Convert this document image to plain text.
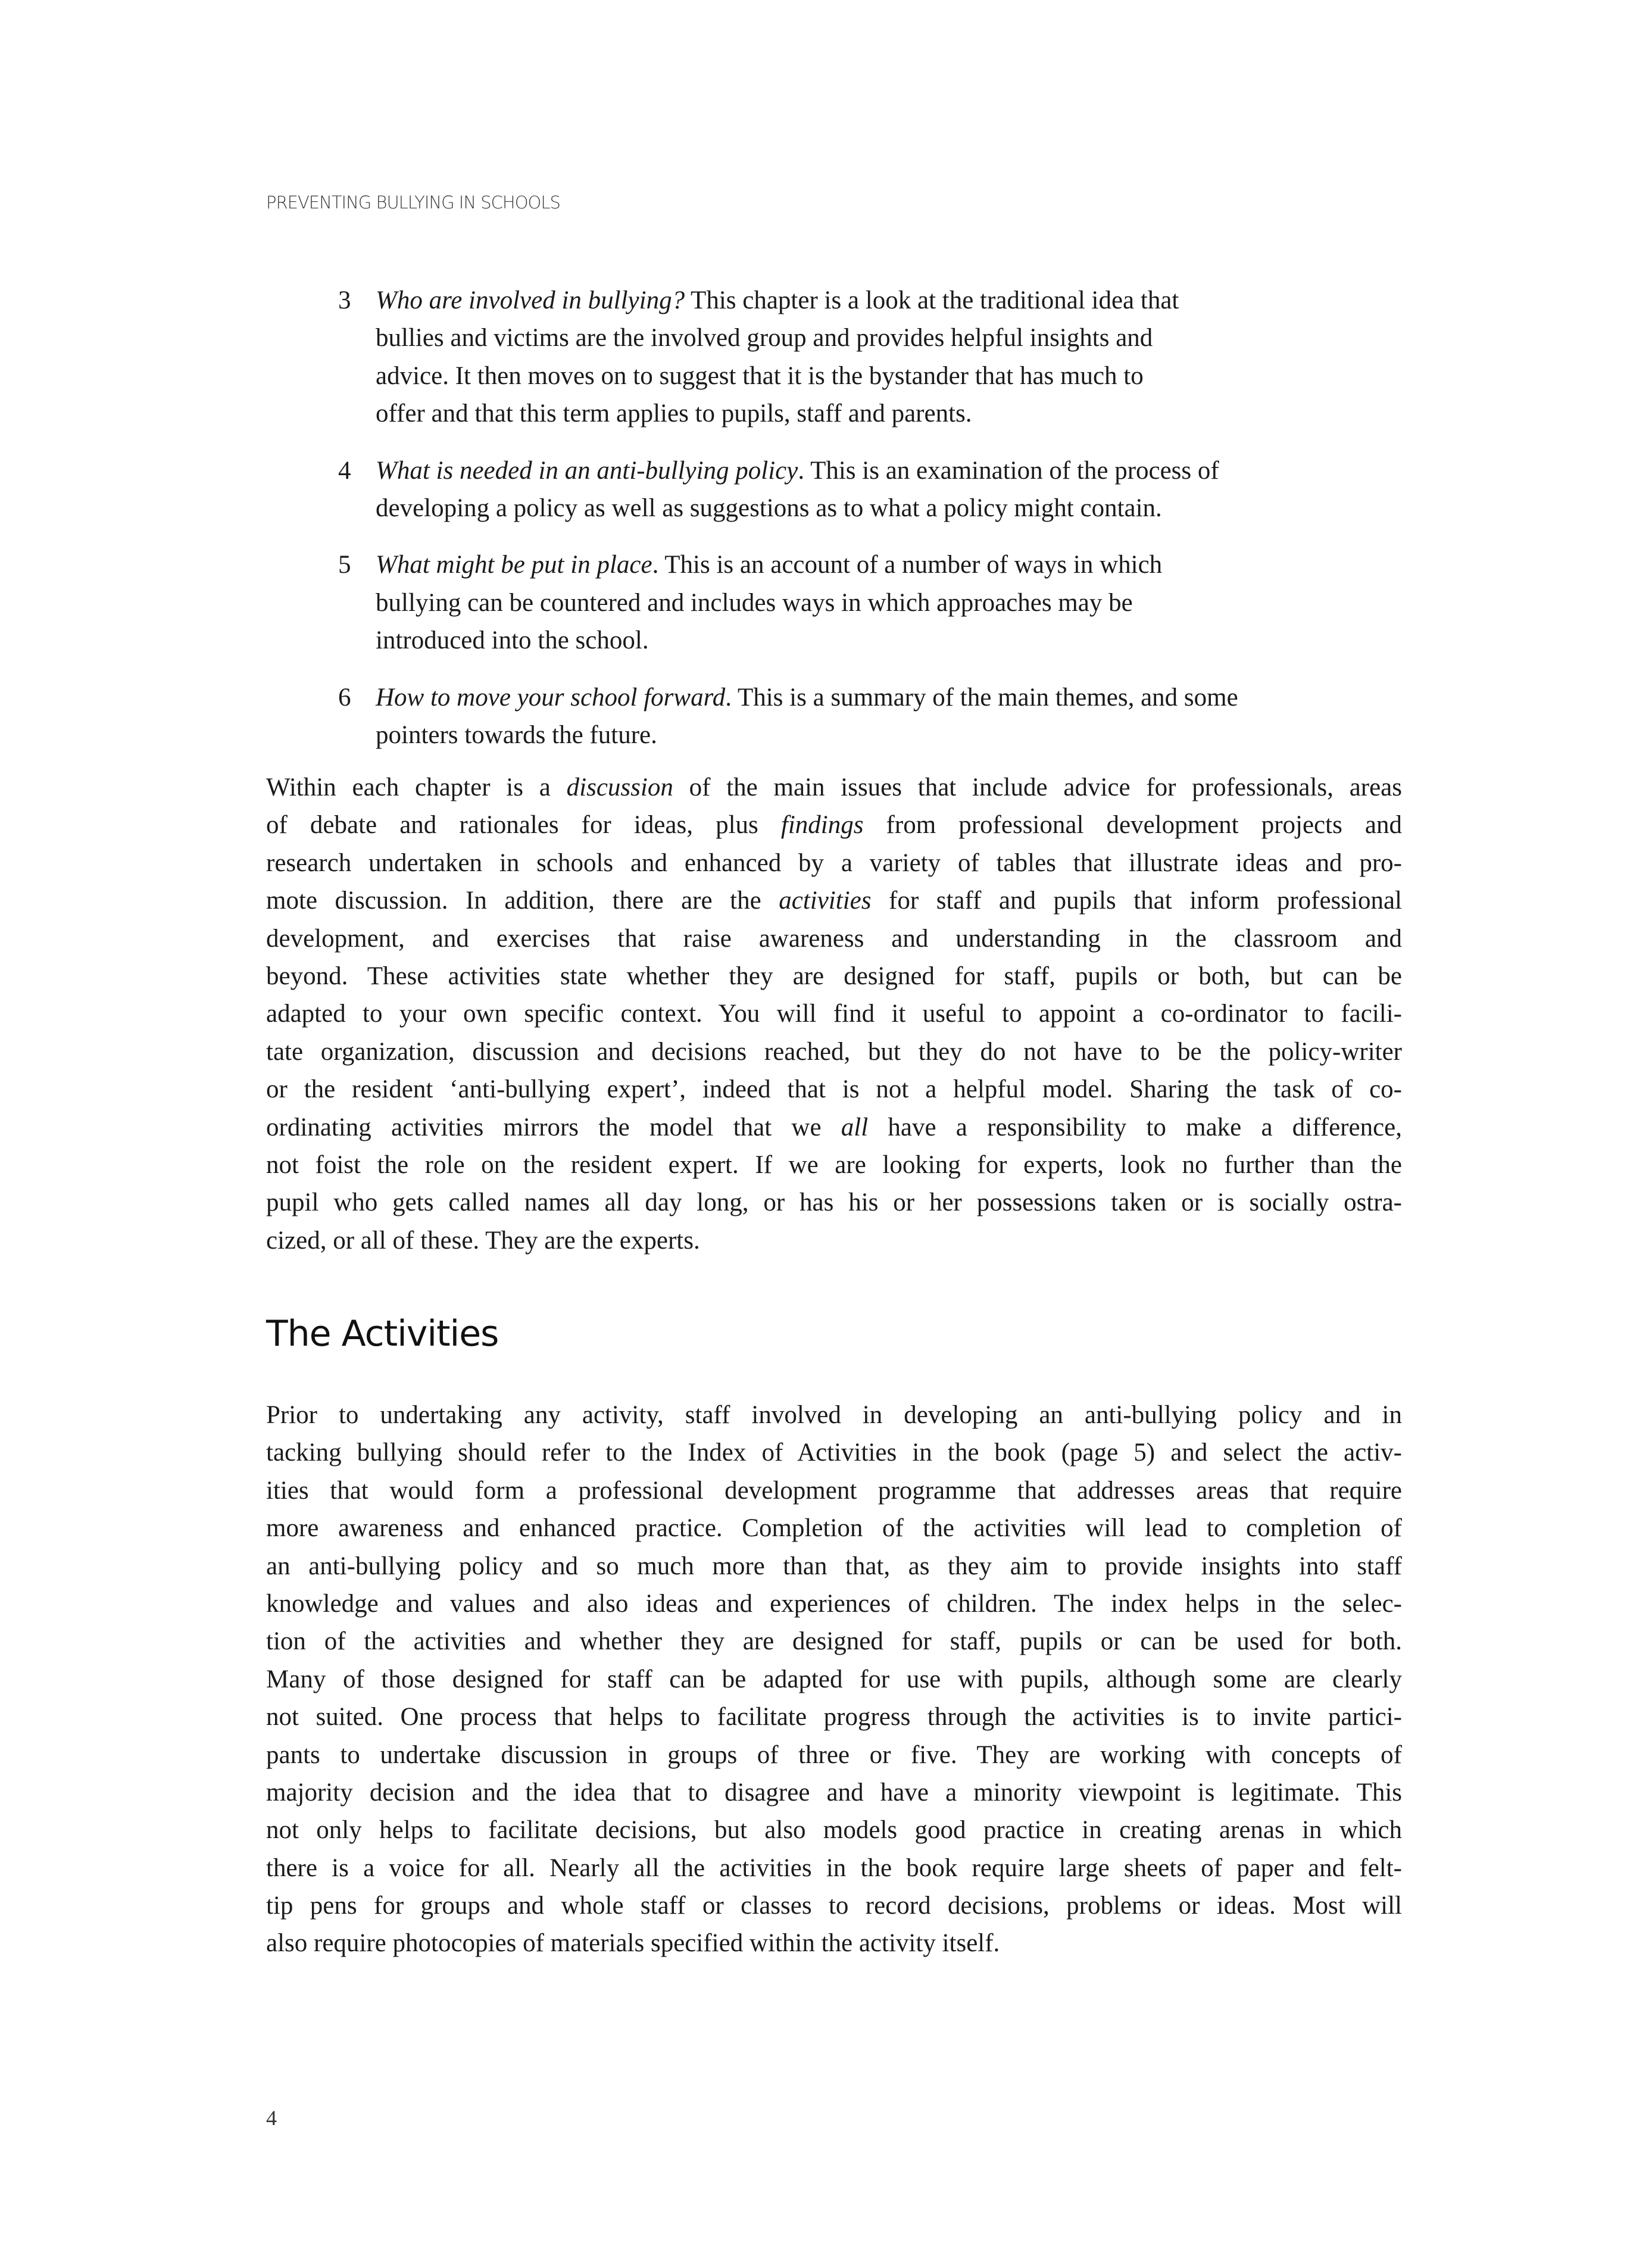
PREVENTING BULLYING IN SCHOOLS
3 Who are involved in bullying? This chapter is a look at the traditional idea that
bullies and victims are the involved group and provides helpful insights and
advice. It then moves on to suggest that it is the bystander that has much to
offer and that this term applies to pupils, staff and parents.
4 What is needed in an anti-bullying policy. This is an examination of the process of
developing a policy as well as suggestions as to what a policy might contain.
5 What might be put in place. This is an account of a number of ways in which
bullying can be countered and includes ways in which approaches may be
introduced into the school.
6 How to move your school forward. This is a summary of the main themes, and some
pointers towards the future.
Within each chapter is a discussion of the main issues that include advice for professionals, areas
of debate and rationales for ideas, plus findings from professional development projects and
research undertaken in schools and enhanced by a variety of tables that illustrate ideas and pro-
mote discussion. In addition, there are the activities for staff and pupils that inform professional
development, and exercises that raise awareness and understanding in the classroom and
beyond. These activities state whether they are designed for staff, pupils or both, but can be
adapted to your own specific context. You will find it useful to appoint a co-ordinator to facili-
tate organization, discussion and decisions reached, but they do not have to be the policy-writer
or the resident ‘anti-bullying expert’, indeed that is not a helpful model. Sharing the task of co-
ordinating activities mirrors the model that we all have a responsibility to make a difference,
not foist the role on the resident expert. If we are looking for experts, look no further than the
pupil who gets called names all day long, or has his or her possessions taken or is socially ostra-
cized, or all of these. They are the experts.
The Activities
Prior to undertaking any activity, staff involved in developing an anti-bullying policy and in
tacking bullying should refer to the Index of Activities in the book (page 5) and select the activ-
ities that would form a professional development programme that addresses areas that require
more awareness and enhanced practice. Completion of the activities will lead to completion of
an anti-bullying policy and so much more than that, as they aim to provide insights into staff
knowledge and values and also ideas and experiences of children. The index helps in the selec-
tion of the activities and whether they are designed for staff, pupils or can be used for both.
Many of those designed for staff can be adapted for use with pupils, although some are clearly
not suited. One process that helps to facilitate progress through the activities is to invite partici-
pants to undertake discussion in groups of three or five. They are working with concepts of
majority decision and the idea that to disagree and have a minority viewpoint is legitimate. This
not only helps to facilitate decisions, but also models good practice in creating arenas in which
there is a voice for all. Nearly all the activities in the book require large sheets of paper and felt-
tip pens for groups and whole staff or classes to record decisions, problems or ideas. Most will
also require photocopies of materials specified within the activity itself.
4
